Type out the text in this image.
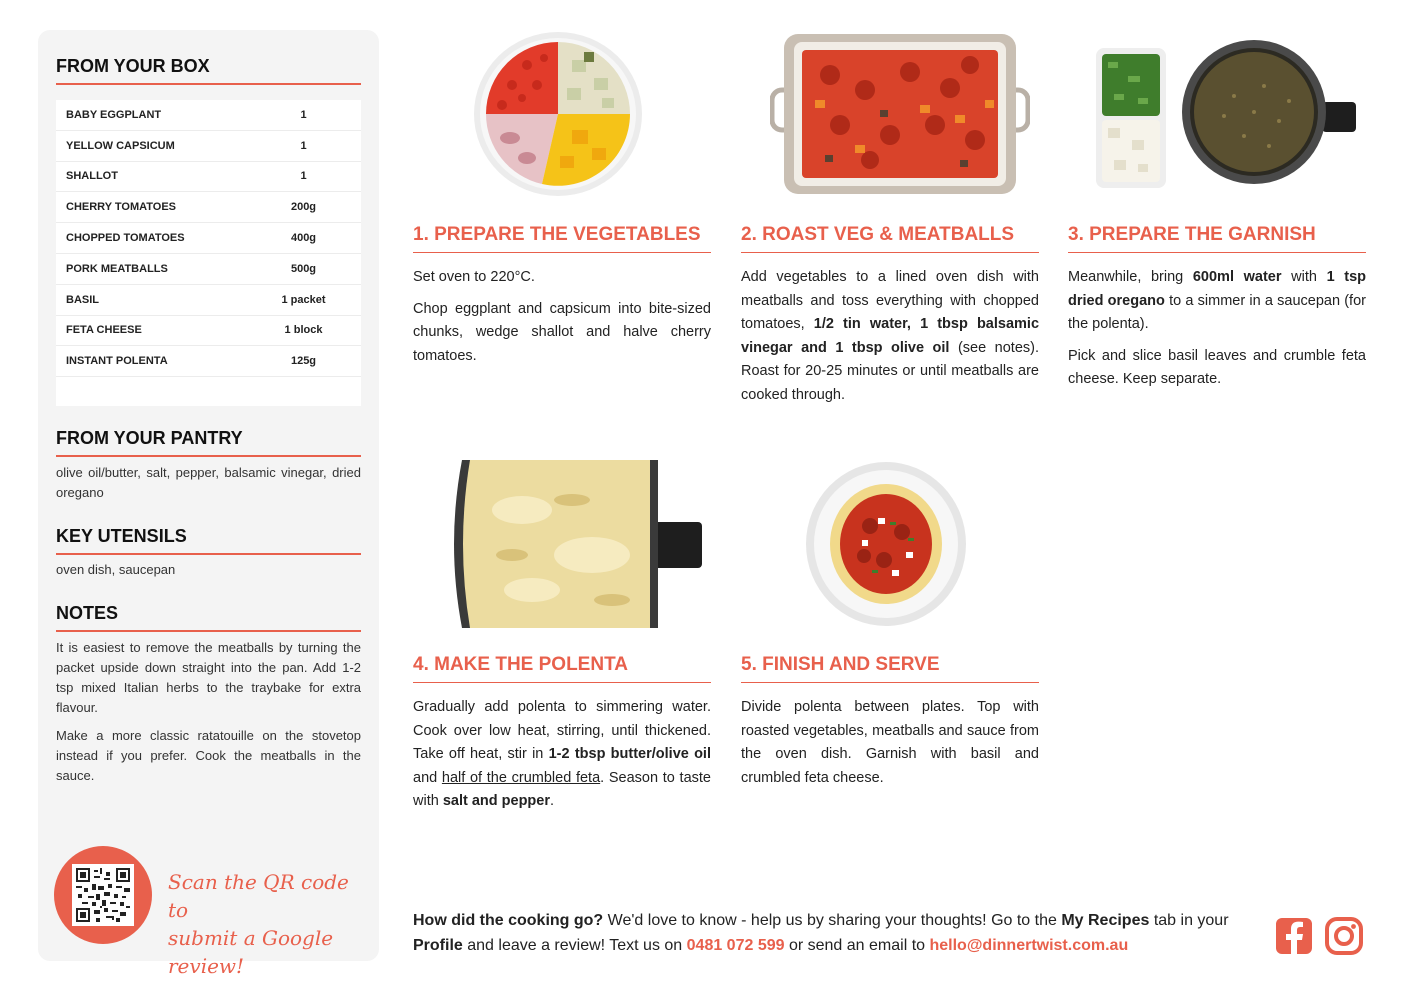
FROM YOUR BOX
BABY EGGPLANT	1
YELLOW CAPSICUM	1
SHALLOT	1
CHERRY TOMATOES	200g
CHOPPED TOMATOES	400g
PORK MEATBALLS	500g
BASIL	1 packet
FETA CHEESE	1 block
INSTANT POLENTA	125g
FROM YOUR PANTRY
olive oil/butter, salt, pepper, balsamic vinegar, dried oregano
KEY UTENSILS
oven dish, saucepan
NOTES

It is easiest to remove the meatballs by turning the packet upside down straight into the pan. Add 1-2 tsp mixed Italian herbs to the traybake for extra flavour.

Make a more classic ratatouille on the stovetop instead if you prefer. Cook the meatballs in the sauce.

Scan the QR code to
submit a Google review!
1. PREPARE THE VEGETABLES

Set oven to 220°C.

Chop eggplant and capsicum into bite-sized chunks, wedge shallot and halve cherry tomatoes.

2. ROAST VEG & MEATBALLS

Add vegetables to a lined oven dish with meatballs and toss everything with chopped tomatoes, 1/2 tin water, 1 tbsp balsamic vinegar and 1 tbsp olive oil (see notes). Roast for 20-25 minutes or until meatballs are cooked through.

3. PREPARE THE GARNISH

Meanwhile, bring 600ml water with 1 tsp dried oregano to a simmer in a saucepan (for the polenta).

Pick and slice basil leaves and crumble feta cheese. Keep separate.

4. MAKE THE POLENTA

Gradually add polenta to simmering water. Cook over low heat, stirring, until thickened. Take off heat, stir in 1-2 tbsp butter/olive oil and half of the crumbled feta. Season to taste with salt and pepper.

5. FINISH AND SERVE

Divide polenta between plates. Top with roasted vegetables, meatballs and sauce from the oven dish. Garnish with basil and crumbled feta cheese.

How did the cooking go? We'd love to know - help us by sharing your thoughts! Go to the My Recipes tab in your Profile and leave a review! Text us on 0481 072 599 or send an email to hello@dinnertwist.com.au
